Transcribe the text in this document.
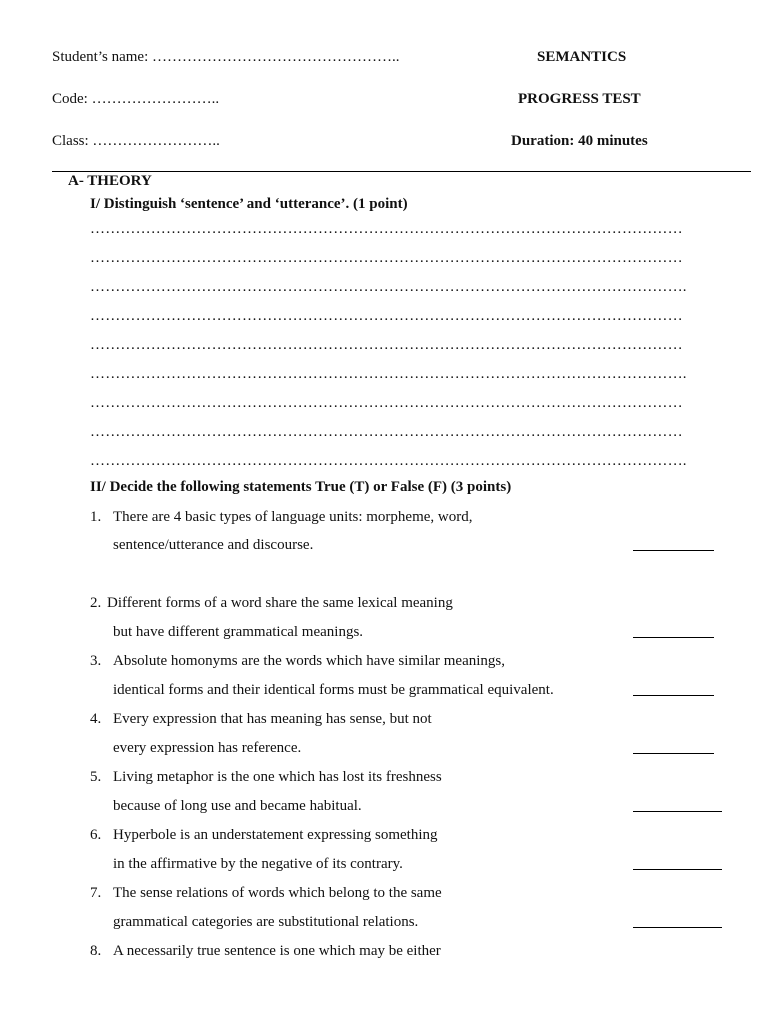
Student’s name: …………………………………………..
Code: ……………………..
Class: ……………………..
SEMANTICS
PROGRESS TEST
Duration: 40 minutes
A- THEORY
I/ Distinguish ‘sentence’ and ‘utterance’. (1 point)
………………………………………………………………………………………………………
………………………………………………………………………………………………………
……………………………………………………………………………………………………….
………………………………………………………………………………………………………
………………………………………………………………………………………………………
……………………………………………………………………………………………………….
………………………………………………………………………………………………………
………………………………………………………………………………………………………
……………………………………………………………………………………………………….
II/ Decide the following statements True (T) or False (F) (3 points)
1. There are 4 basic types of language units: morpheme, word,
sentence/utterance and discourse.
2. Different forms of a word share the same lexical meaning
but have different grammatical meanings.
3. Absolute homonyms are the words which have similar meanings,
identical forms and their identical forms must be grammatical equivalent.
4. Every expression that has meaning has sense, but not
every expression has reference.
5. Living metaphor is the one which has lost its freshness
because of long use and became habitual.
6. Hyperbole is an understatement expressing something
in the affirmative by the negative of its contrary.
7. The sense relations of words which belong to the same
grammatical categories are substitutional relations.
8. A necessarily true sentence is one which may be either
